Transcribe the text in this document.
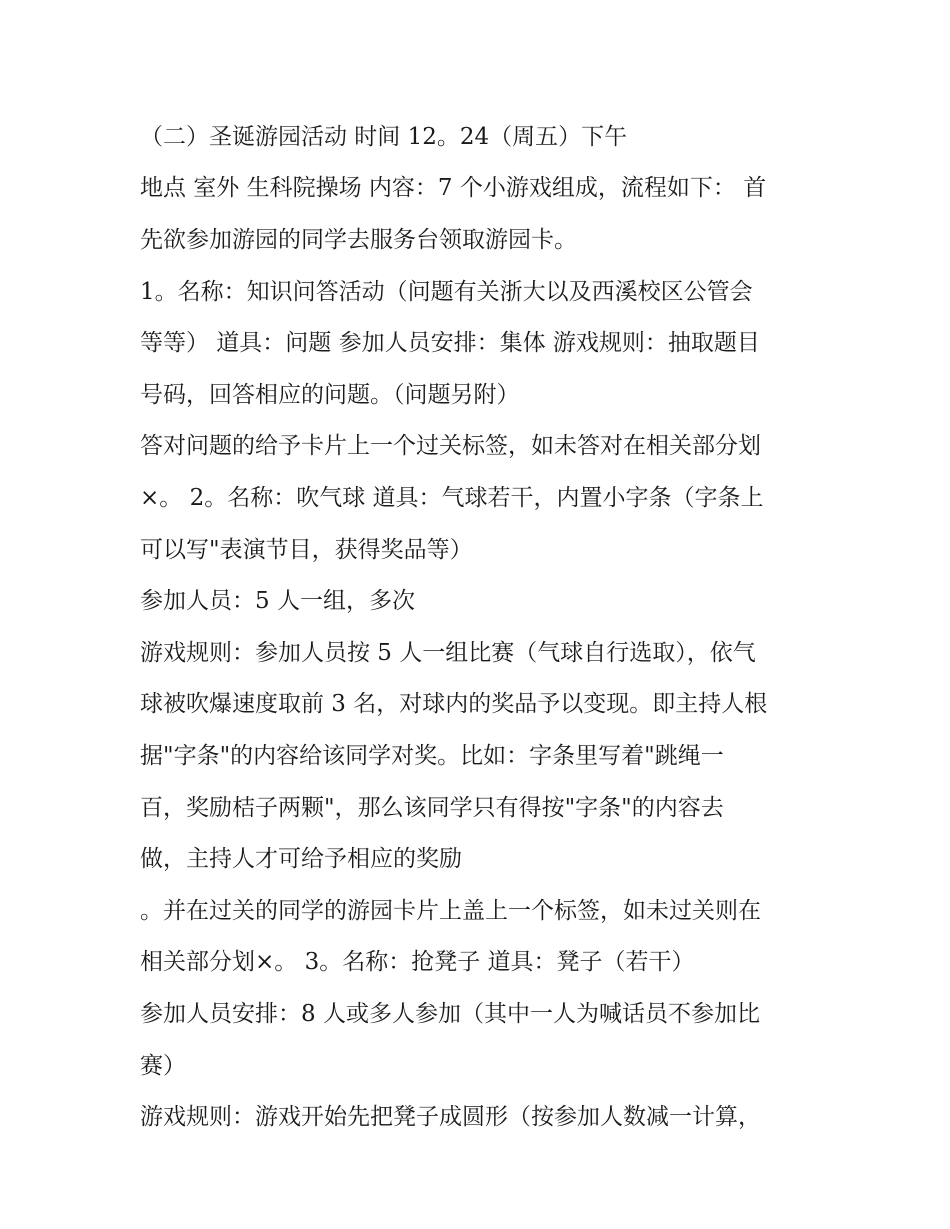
（二）圣诞游园活动 时间 12。24（周五）下午
地点 室外 生科院操场 内容：7 个小游戏组成，流程如下： 首
先欲参加游园的同学去服务台领取游园卡。
1。名称：知识问答活动（问题有关浙大以及西溪校区公管会
等等） 道具：问题 参加人员安排：集体 游戏规则：抽取题目
号码，回答相应的问题。（问题另附）
答对问题的给予卡片上一个过关标签，如未答对在相关部分划
×。 2。名称：吹气球 道具：气球若干，内置小字条（字条上
可以写"表演节目，获得奖品等）
参加人员：5 人一组，多次
游戏规则：参加人员按 5 人一组比赛（气球自行选取），依气
球被吹爆速度取前 3 名，对球内的奖品予以变现。即主持人根
据"字条"的内容给该同学对奖。比如：字条里写着"跳绳一
百，奖励桔子两颗"，那么该同学只有得按"字条"的内容去
做，主持人才可给予相应的奖励
。并在过关的同学的游园卡片上盖上一个标签，如未过关则在
相关部分划×。 3。名称：抢凳子 道具：凳子（若干）
参加人员安排：8 人或多人参加（其中一人为喊话员不参加比
赛）
游戏规则：游戏开始先把凳子成圆形（按参加人数减一计算，
